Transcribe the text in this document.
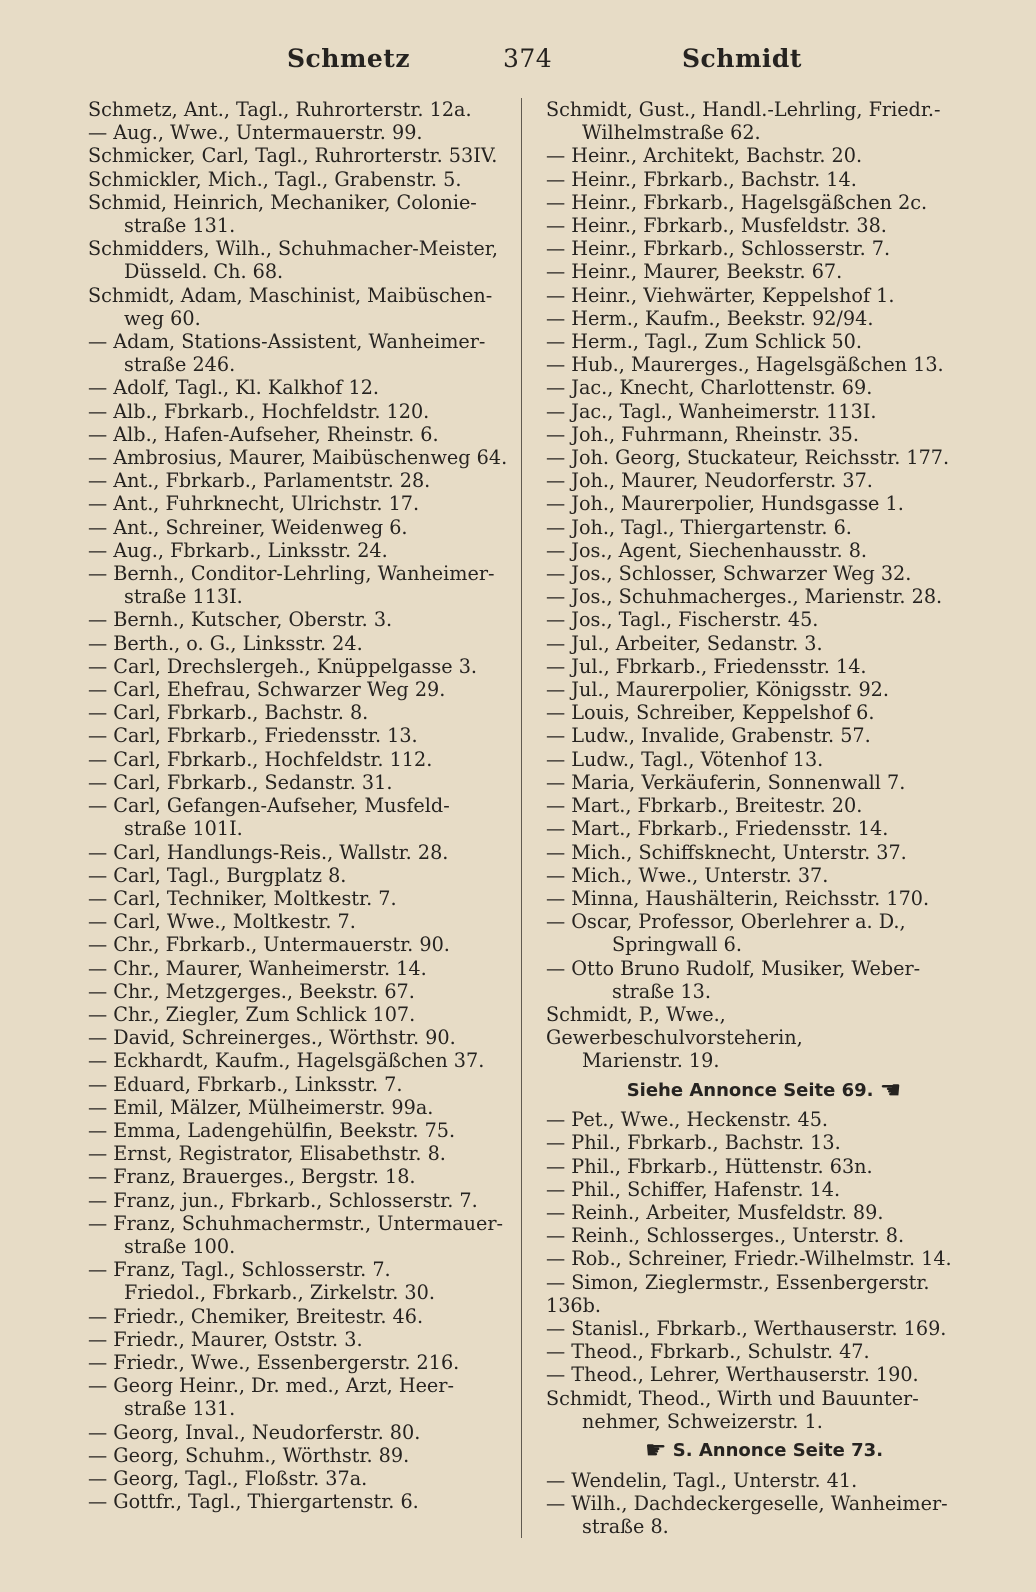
Schmetz	374	Schmidt
Schmetz, Ant., Tagl., Ruhrorterstr. 12a.
— Aug., Wwe., Untermauerstr. 99.
Schmicker, Carl, Tagl., Ruhrorterstr. 53IV.
Schmickler, Mich., Tagl., Grabenstr. 5.
Schmid, Heinrich, Mechaniker, Colonie-
straße 131.
Schmidders, Wilh., Schuhmacher-Meister,
Düsseld. Ch. 68.
Schmidt, Adam, Maschinist, Maibüschen-
weg 60.
— Adam, Stations-Assistent, Wanheimer-
straße 246.
— Adolf, Tagl., Kl. Kalkhof 12.
— Alb., Fbrkarb., Hochfeldstr. 120.
— Alb., Hafen-Aufseher, Rheinstr. 6.
— Ambrosius, Maurer, Maibüschenweg 64.
— Ant., Fbrkarb., Parlamentstr. 28.
— Ant., Fuhrknecht, Ulrichstr. 17.
— Ant., Schreiner, Weidenweg 6.
— Aug., Fbrkarb., Linksstr. 24.
— Bernh., Conditor-Lehrling, Wanheimer-
straße 113I.
— Bernh., Kutscher, Oberstr. 3.
— Berth., o. G., Linksstr. 24.
— Carl, Drechslergeh., Knüppelgasse 3.
— Carl, Ehefrau, Schwarzer Weg 29.
— Carl, Fbrkarb., Bachstr. 8.
— Carl, Fbrkarb., Friedensstr. 13.
— Carl, Fbrkarb., Hochfeldstr. 112.
— Carl, Fbrkarb., Sedanstr. 31.
— Carl, Gefangen-Aufseher, Musfeld-
straße 101I.
— Carl, Handlungs-Reis., Wallstr. 28.
— Carl, Tagl., Burgplatz 8.
— Carl, Techniker, Moltkestr. 7.
— Carl, Wwe., Moltkestr. 7.
— Chr., Fbrkarb., Untermauerstr. 90.
— Chr., Maurer, Wanheimerstr. 14.
— Chr., Metzgerges., Beekstr. 67.
— Chr., Ziegler, Zum Schlick 107.
— David, Schreinerges., Wörthstr. 90.
— Eckhardt, Kaufm., Hagelsgäßchen 37.
— Eduard, Fbrkarb., Linksstr. 7.
— Emil, Mälzer, Mülheimerstr. 99a.
— Emma, Ladengehülfin, Beekstr. 75.
— Ernst, Registrator, Elisabethstr. 8.
— Franz, Brauerges., Bergstr. 18.
— Franz, jun., Fbrkarb., Schlosserstr. 7.
— Franz, Schuhmachermstr., Untermauer-
straße 100.
— Franz, Tagl., Schlosserstr. 7.
Friedol., Fbrkarb., Zirkelstr. 30.
— Friedr., Chemiker, Breitestr. 46.
— Friedr., Maurer, Oststr. 3.
— Friedr., Wwe., Essenbergerstr. 216.
— Georg Heinr., Dr. med., Arzt, Heer-
straße 131.
— Georg, Inval., Neudorferstr. 80.
— Georg, Schuhm., Wörthstr. 89.
— Georg, Tagl., Floßstr. 37a.
— Gottfr., Tagl., Thiergartenstr. 6.
Schmidt, Gust., Handl.-Lehrling, Friedr.-
Wilhelmstraße 62.
— Heinr., Architekt, Bachstr. 20.
— Heinr., Fbrkarb., Bachstr. 14.
— Heinr., Fbrkarb., Hagelsgäßchen 2c.
— Heinr., Fbrkarb., Musfeldstr. 38.
— Heinr., Fbrkarb., Schlosserstr. 7.
— Heinr., Maurer, Beekstr. 67.
— Heinr., Viehwärter, Keppelshof 1.
— Herm., Kaufm., Beekstr. 92/94.
— Herm., Tagl., Zum Schlick 50.
— Hub., Maurerges., Hagelsgäßchen 13.
— Jac., Knecht, Charlottenstr. 69.
— Jac., Tagl., Wanheimerstr. 113I.
— Joh., Fuhrmann, Rheinstr. 35.
— Joh. Georg, Stuckateur, Reichsstr. 177.
— Joh., Maurer, Neudorferstr. 37.
— Joh., Maurerpolier, Hundsgasse 1.
— Joh., Tagl., Thiergartenstr. 6.
— Jos., Agent, Siechenhausstr. 8.
— Jos., Schlosser, Schwarzer Weg 32.
— Jos., Schuhmacherges., Marienstr. 28.
— Jos., Tagl., Fischerstr. 45.
— Jul., Arbeiter, Sedanstr. 3.
— Jul., Fbrkarb., Friedensstr. 14.
— Jul., Maurerpolier, Königsstr. 92.
— Louis, Schreiber, Keppelshof 6.
— Ludw., Invalide, Grabenstr. 57.
— Ludw., Tagl., Vötenhof 13.
— Maria, Verkäuferin, Sonnenwall 7.
— Mart., Fbrkarb., Breitestr. 20.
— Mart., Fbrkarb., Friedensstr. 14.
— Mich., Schiffsknecht, Unterstr. 37.
— Mich., Wwe., Unterstr. 37.
— Minna, Haushälterin, Reichsstr. 170.
— Oscar, Professor, Oberlehrer a. D.,
Springwall 6.
— Otto Bruno Rudolf, Musiker, Weber-
straße 13.
Schmidt, P., Wwe., Gewerbeschulvorsteherin,
Marienstr. 19.
Siehe Annonce Seite 69. ☚
— Pet., Wwe., Heckenstr. 45.
— Phil., Fbrkarb., Bachstr. 13.
— Phil., Fbrkarb., Hüttenstr. 63n.
— Phil., Schiffer, Hafenstr. 14.
— Reinh., Arbeiter, Musfeldstr. 89.
— Reinh., Schlosserges., Unterstr. 8.
— Rob., Schreiner, Friedr.-Wilhelmstr. 14.
— Simon, Zieglermstr., Essenbergerstr. 136b.
— Stanisl., Fbrkarb., Werthauserstr. 169.
— Theod., Fbrkarb., Schulstr. 47.
— Theod., Lehrer, Werthauserstr. 190.
Schmidt, Theod., Wirth und Bauunter-
nehmer, Schweizerstr. 1.
☚ S. Annonce Seite 73.
— Wendelin, Tagl., Unterstr. 41.
— Wilh., Dachdeckergeselle, Wanheimer-
straße 8.
